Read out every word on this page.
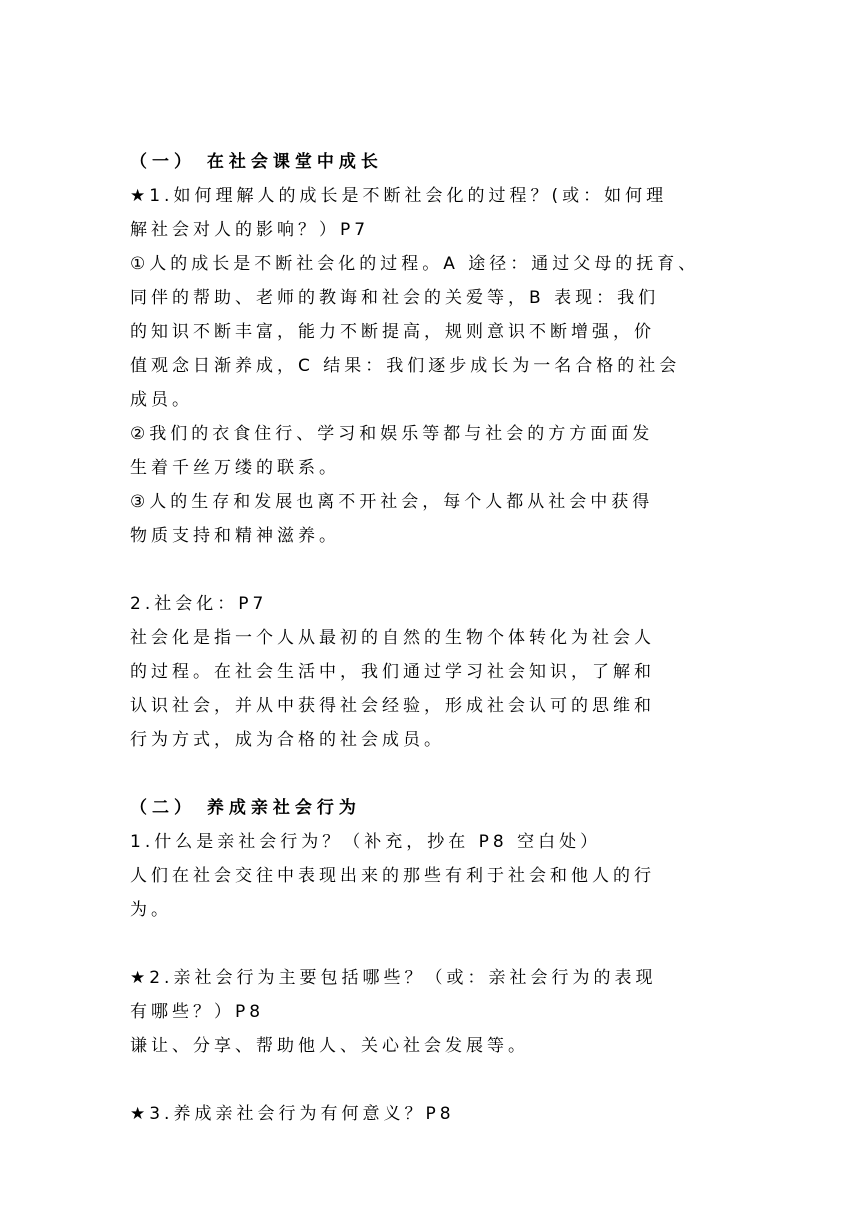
（一） 在社会课堂中成长
★1.如何理解人的成长是不断社会化的过程？(或：如何理
解社会对人的影响？）P7
①人的成长是不断社会化的过程。A 途径：通过父母的抚育、
同伴的帮助、老师的教诲和社会的关爱等，B 表现：我们
的知识不断丰富，能力不断提高，规则意识不断增强，价
值观念日渐养成，C 结果：我们逐步成长为一名合格的社会
成员。
②我们的衣食住行、学习和娱乐等都与社会的方方面面发
生着千丝万缕的联系。
③人的生存和发展也离不开社会，每个人都从社会中获得
物质支持和精神滋养。
2.社会化：P7
社会化是指一个人从最初的自然的生物个体转化为社会人
的过程。在社会生活中，我们通过学习社会知识，了解和
认识社会，并从中获得社会经验，形成社会认可的思维和
行为方式，成为合格的社会成员。
（二） 养成亲社会行为
1.什么是亲社会行为？（补充，抄在 P8 空白处）
人们在社会交往中表现出来的那些有利于社会和他人的行
为。
★2.亲社会行为主要包括哪些？（或：亲社会行为的表现
有哪些？）P8
谦让、分享、帮助他人、关心社会发展等。
★3.养成亲社会行为有何意义？P8
